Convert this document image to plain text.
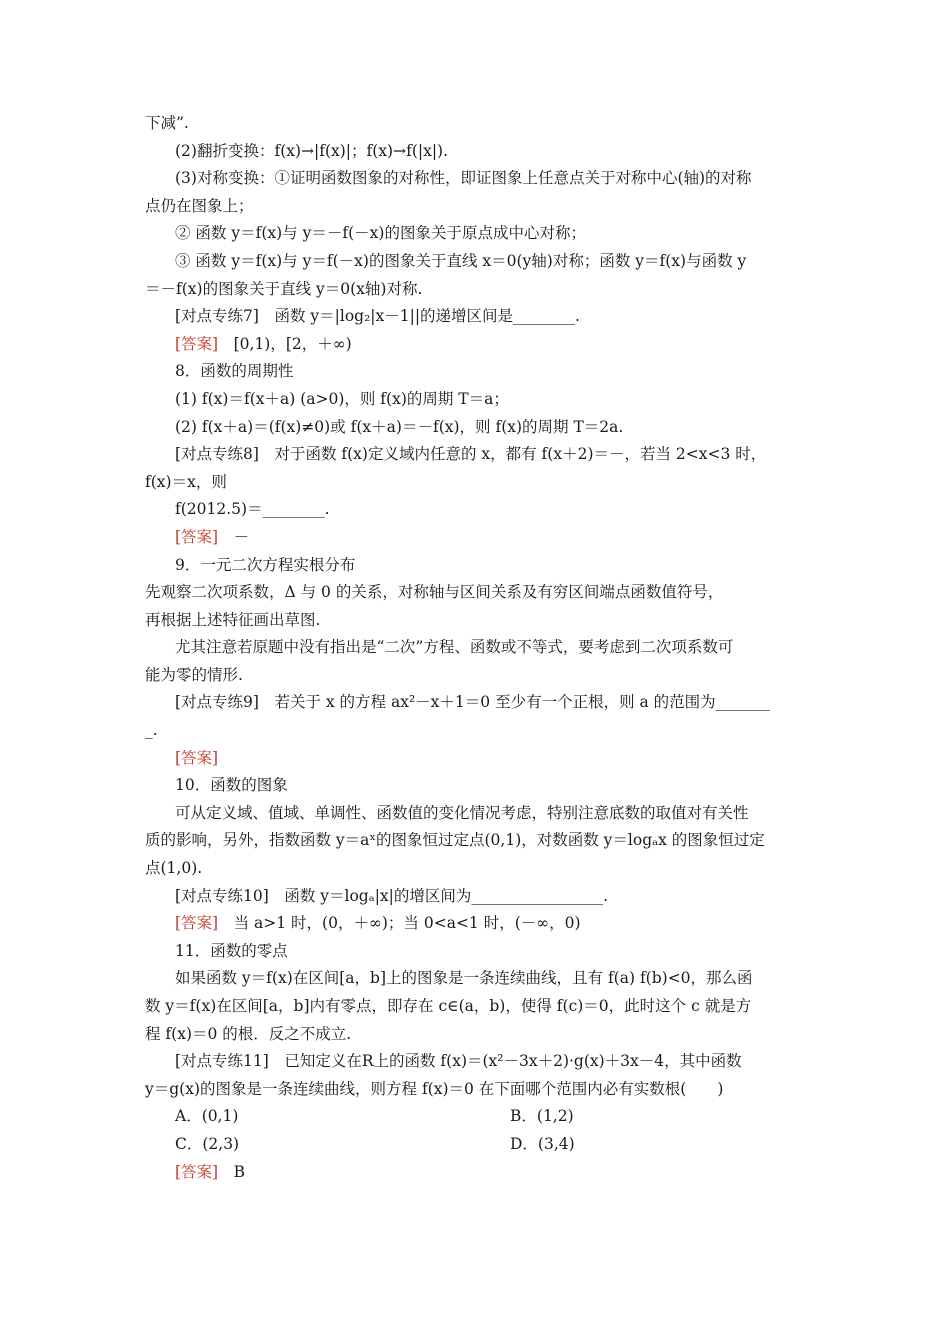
下减”.
(2)翻折变换：f(x)→|f(x)|；f(x)→f(|x|).
(3)对称变换：①证明函数图象的对称性，即证图象上任意点关于对称中心(轴)的对称
点仍在图象上；
② 函数 y＝f(x)与 y＝－f(－x)的图象关于原点成中心对称；
③ 函数 y＝f(x)与 y＝f(－x)的图象关于直线 x＝0(y轴)对称；函数 y＝f(x)与函数 y
＝－f(x)的图象关于直线 y＝0(x轴)对称.
[对点专练7]　函数 y＝|log₂|x－1||的递增区间是________.
[答案]　[0,1)，[2，＋∞)
8．函数的周期性
(1) f(x)＝f(x＋a) (a>0)，则 f(x)的周期 T＝a；
(2) f(x＋a)＝(f(x)≠0)或 f(x＋a)＝－f(x)，则 f(x)的周期 T＝2a.
[对点专练8]　对于函数 f(x)定义域内任意的 x，都有 f(x＋2)＝－，若当 2<x<3 时，
f(x)＝x，则
f(2012.5)＝________.
[答案]　－
9．一元二次方程实根分布
先观察二次项系数，Δ 与 0 的关系，对称轴与区间关系及有穷区间端点函数值符号，
再根据上述特征画出草图.
尤其注意若原题中没有指出是“二次”方程、函数或不等式，要考虑到二次项系数可
能为零的情形.
[对点专练9]　若关于 x 的方程 ax²－x＋1＝0 至少有一个正根，则 a 的范围为_______
_.
[答案]
10．函数的图象
可从定义域、值域、单调性、函数值的变化情况考虑，特别注意底数的取值对有关性
质的影响，另外，指数函数 y＝aˣ的图象恒过定点(0,1)，对数函数 y＝logₐx 的图象恒过定
点(1,0).
[对点专练10]　函数 y＝logₐ|x|的增区间为_________________.
[答案]　当 a>1 时，(0，＋∞)；当 0<a<1 时，(－∞，0)
11．函数的零点
如果函数 y＝f(x)在区间[a，b]上的图象是一条连续曲线，且有 f(a) f(b)<0，那么函
数 y＝f(x)在区间[a，b]内有零点，即存在 c∈(a，b)，使得 f(c)＝0，此时这个 c 就是方
程 f(x)＝0 的根．反之不成立.
[对点专练11]　已知定义在R上的函数 f(x)＝(x²－3x＋2)·g(x)＋3x－4，其中函数
y＝g(x)的图象是一条连续曲线，则方程 f(x)＝0 在下面哪个范围内必有实数根(　　)
A．(0,1)	B．(1,2)
C．(2,3)	D．(3,4)
[答案]　B
